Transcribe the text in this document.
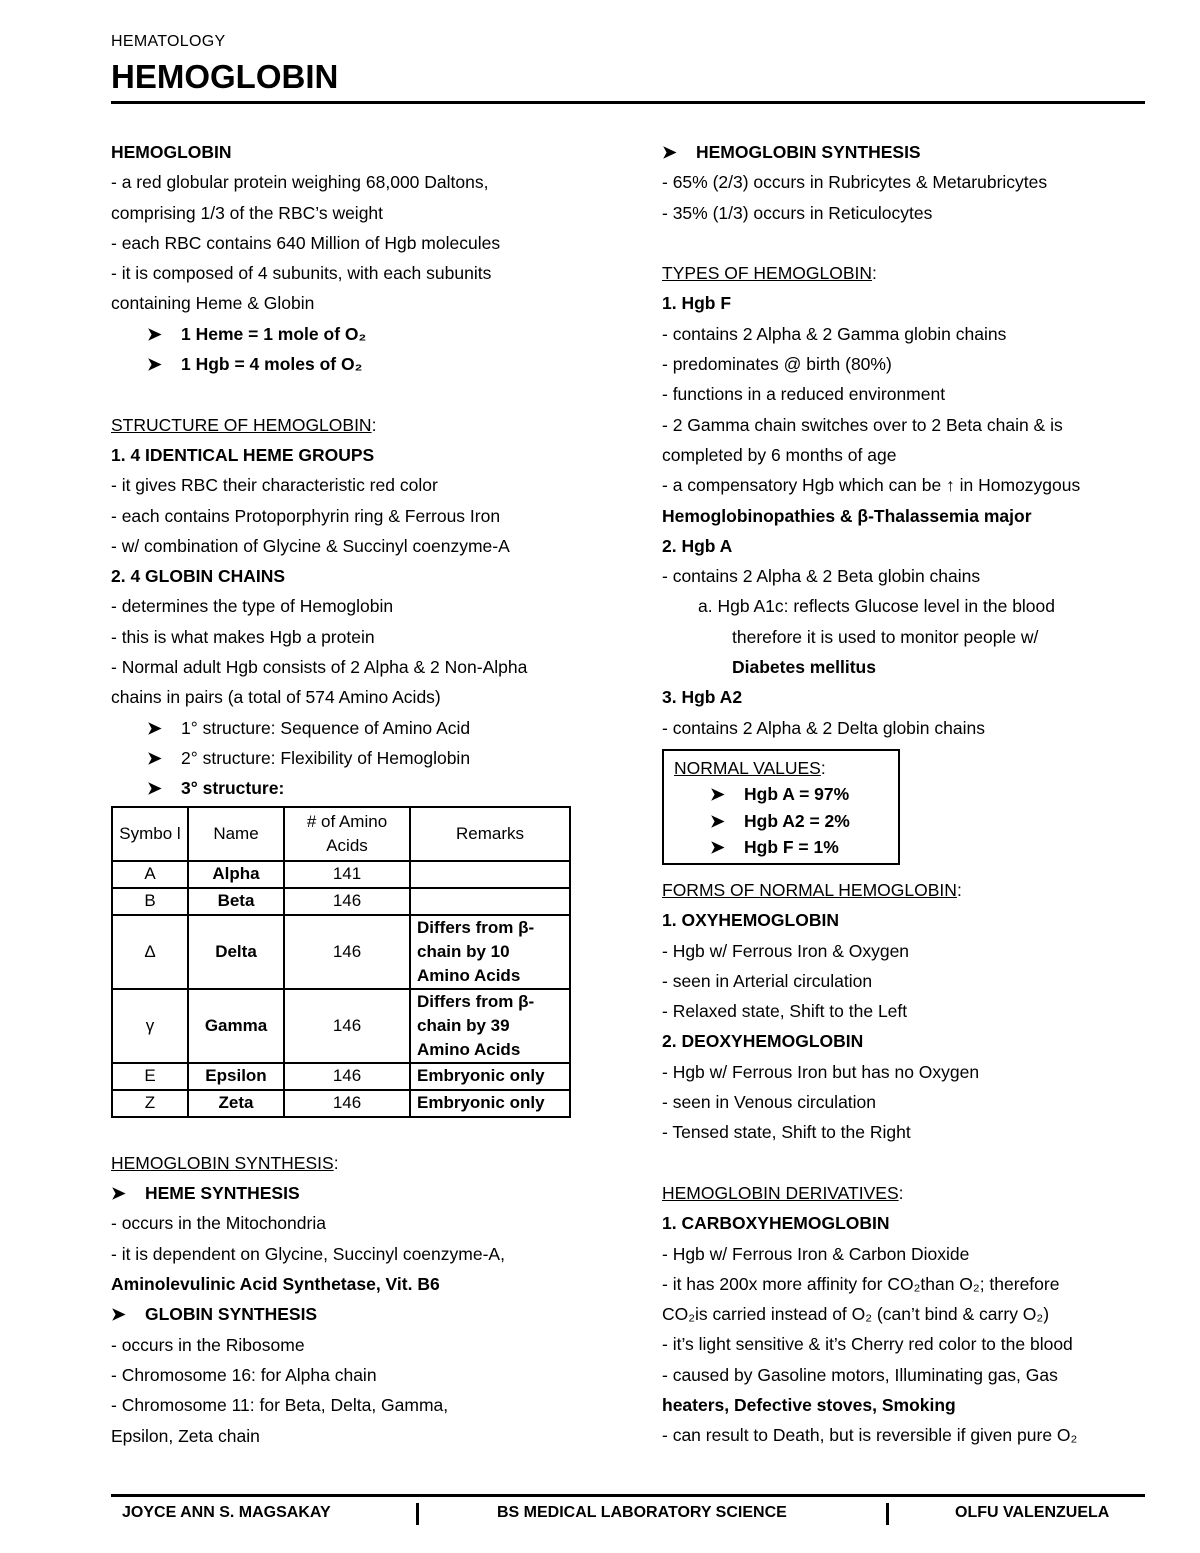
HEMATOLOGY
HEMOGLOBIN
HEMOGLOBIN
- a red globular protein weighing 68,000 Daltons,
comprising 1/3 of the RBC’s weight
- each RBC contains 640 Million of Hgb molecules
- it is composed of 4 subunits, with each subunits
containing Heme & Globin
➤ 1 Heme = 1 mole of O₂
➤ 1 Hgb = 4 moles of O₂
STRUCTURE OF HEMOGLOBIN:
1. 4 IDENTICAL HEME GROUPS
- it gives RBC their characteristic red color
- each contains Protoporphyrin ring & Ferrous Iron
- w/ combination of Glycine & Succinyl coenzyme-A
2. 4 GLOBIN CHAINS
- determines the type of Hemoglobin
- this is what makes Hgb a protein
- Normal adult Hgb consists of 2 Alpha & 2 Non-Alpha
chains in pairs (a total of 574 Amino Acids)
➤ 1° structure: Sequence of Amino Acid
➤ 2° structure: Flexibility of Hemoglobin
➤ 3° structure:
Symbo l	Name	# of Amino Acids	Remarks
A	Alpha	141	
B	Beta	146	
Δ	Delta	146	Differs from β-chain by 10 Amino Acids
γ	Gamma	146	Differs from β-chain by 39 Amino Acids
E	Epsilon	146	Embryonic only
Z	Zeta	146	Embryonic only
HEMOGLOBIN SYNTHESIS:
➤ HEME SYNTHESIS
- occurs in the Mitochondria
- it is dependent on Glycine, Succinyl coenzyme-A,
Aminolevulinic Acid Synthetase, Vit. B6
➤ GLOBIN SYNTHESIS
- occurs in the Ribosome
- Chromosome 16: for Alpha chain
- Chromosome 11: for Beta, Delta, Gamma,
Epsilon, Zeta chain
➤ HEMOGLOBIN SYNTHESIS
- 65% (2/3) occurs in Rubricytes & Metarubricytes
- 35% (1/3) occurs in Reticulocytes
TYPES OF HEMOGLOBIN:
1. Hgb F
- contains 2 Alpha & 2 Gamma globin chains
- predominates @ birth (80%)
- functions in a reduced environment
- 2 Gamma chain switches over to 2 Beta chain & is
completed by 6 months of age
- a compensatory Hgb which can be ↑ in Homozygous
Hemoglobinopathies & β-Thalassemia major
2. Hgb A
- contains 2 Alpha & 2 Beta globin chains
a. Hgb A1c: reflects Glucose level in the blood
therefore it is used to monitor people w/
Diabetes mellitus
3. Hgb A2
- contains 2 Alpha & 2 Delta globin chains
NORMAL VALUES:
➤ Hgb A = 97%
➤ Hgb A2 = 2%
➤ Hgb F = 1%
FORMS OF NORMAL HEMOGLOBIN:
1. OXYHEMOGLOBIN
- Hgb w/ Ferrous Iron & Oxygen
- seen in Arterial circulation
- Relaxed state, Shift to the Left
2. DEOXYHEMOGLOBIN
- Hgb w/ Ferrous Iron but has no Oxygen
- seen in Venous circulation
- Tensed state, Shift to the Right
HEMOGLOBIN DERIVATIVES:
1. CARBOXYHEMOGLOBIN
- Hgb w/ Ferrous Iron & Carbon Dioxide
- it has 200x more affinity for CO₂than O₂; therefore
CO₂is carried instead of O₂ (can’t bind & carry O₂)
- it’s light sensitive & it’s Cherry red color to the blood
- caused by Gasoline motors, Illuminating gas, Gas
heaters, Defective stoves, Smoking
- can result to Death, but is reversible if given pure O₂
JOYCE ANN S. MAGSAKAY	BS MEDICAL LABORATORY SCIENCE	OLFU VALENZUELA
